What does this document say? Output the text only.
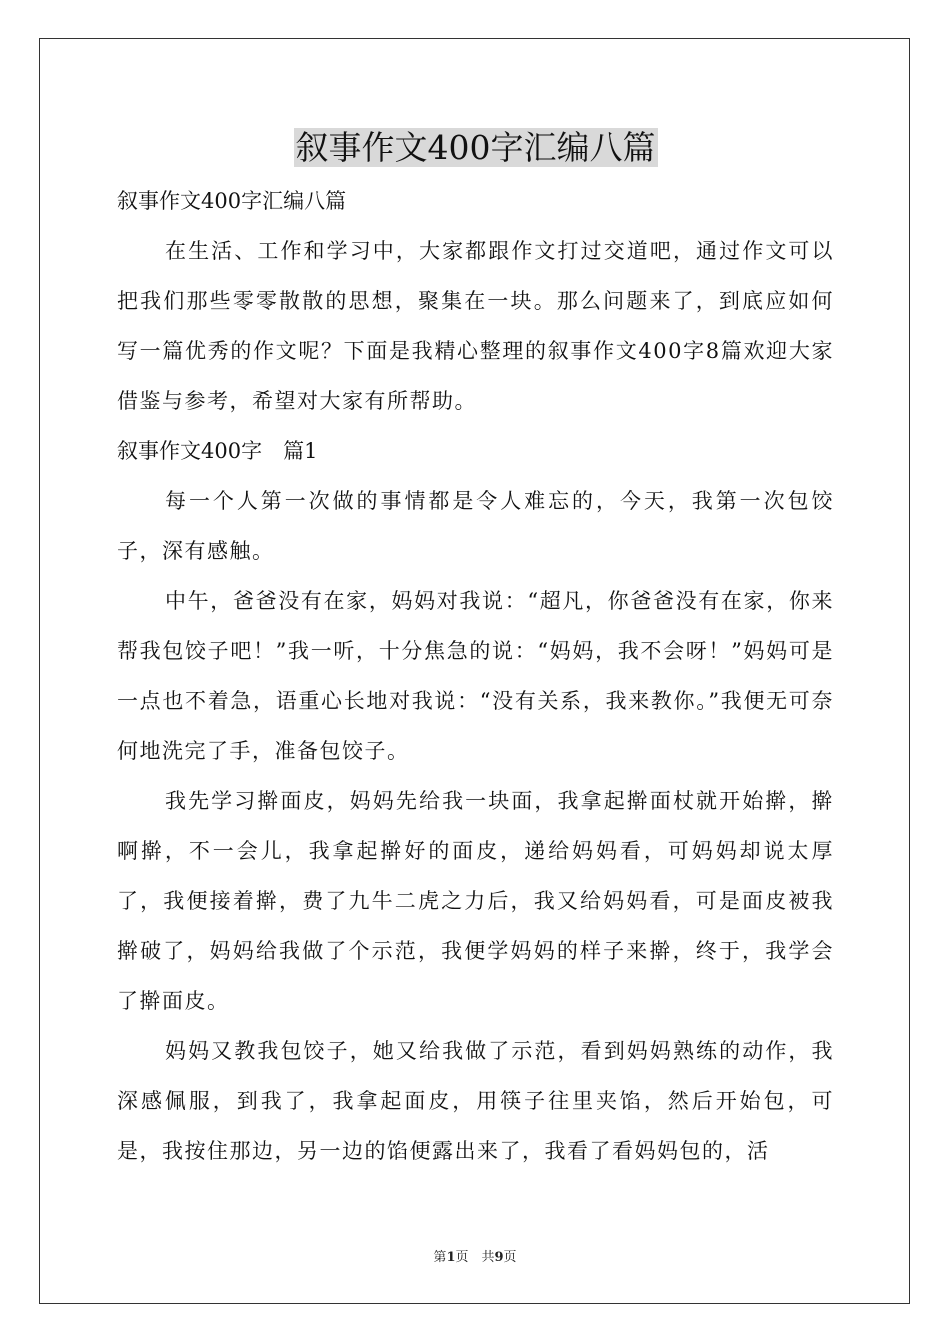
叙事作文400字汇编八篇

叙事作文400字汇编八篇

在生活、工作和学习中，大家都跟作文打过交道吧，通过作文可以把我们那些零零散散的思想，聚集在一块。那么问题来了，到底应如何写一篇优秀的作文呢？下面是我精心整理的叙事作文400字8篇欢迎大家借鉴与参考，希望对大家有所帮助。

叙事作文400字　篇1

每一个人第一次做的事情都是令人难忘的，今天，我第一次包饺子，深有感触。

中午，爸爸没有在家，妈妈对我说：“超凡，你爸爸没有在家，你来帮我包饺子吧！”我一听，十分焦急的说：“妈妈，我不会呀！”妈妈可是一点也不着急，语重心长地对我说：“没有关系，我来教你。”我便无可奈何地洗完了手，准备包饺子。

我先学习擀面皮，妈妈先给我一块面，我拿起擀面杖就开始擀，擀啊擀，不一会儿，我拿起擀好的面皮，递给妈妈看，可妈妈却说太厚了，我便接着擀，费了九牛二虎之力后，我又给妈妈看，可是面皮被我擀破了，妈妈给我做了个示范，我便学妈妈的样子来擀，终于，我学会了擀面皮。

妈妈又教我包饺子，她又给我做了示范，看到妈妈熟练的动作，我深感佩服，到我了，我拿起面皮，用筷子往里夹馅，然后开始包，可是，我按住那边，另一边的馅便露出来了，我看了看妈妈包的，活

第1页　共9页
